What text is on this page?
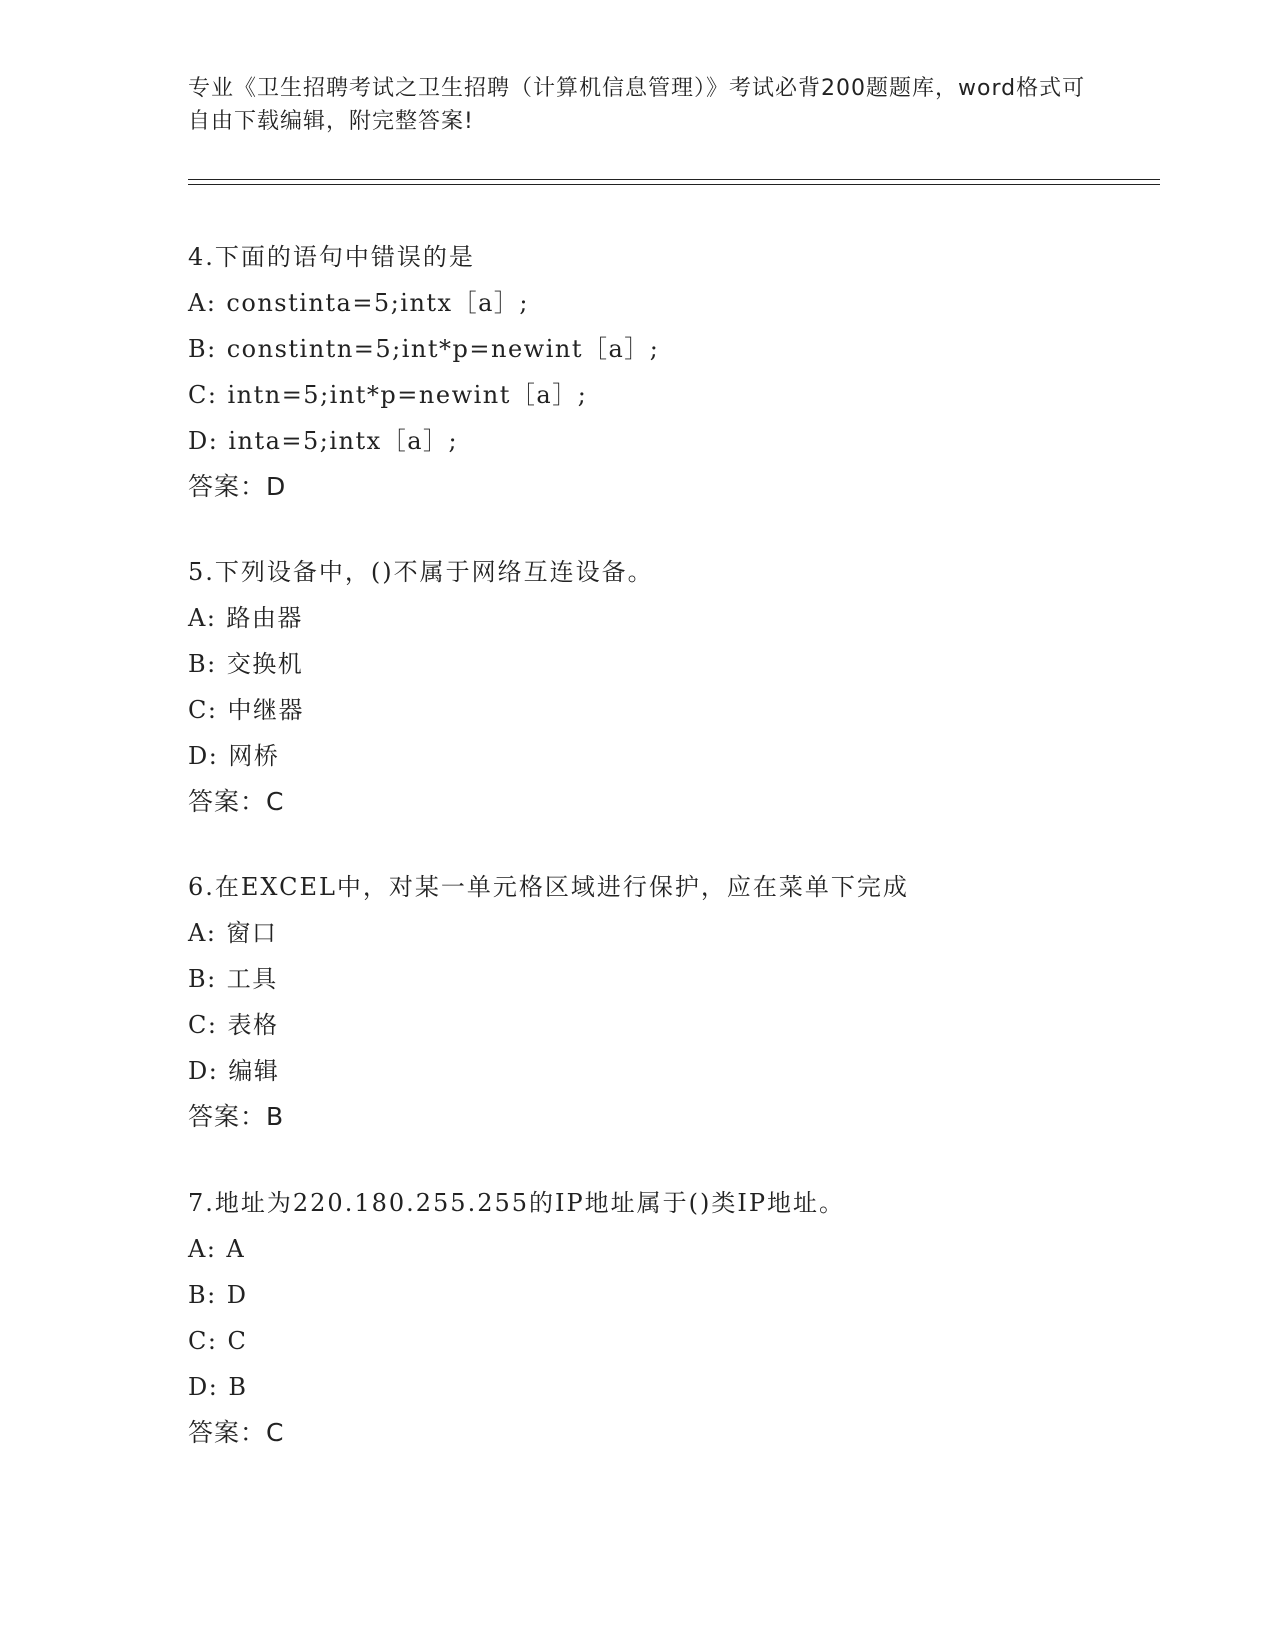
专业《卫生招聘考试之卫生招聘（计算机信息管理）》考试必背200题题库，word格式可自由下载编辑，附完整答案!
4.下面的语句中错误的是
A: constinta=5;intx［a］;
B: constintn=5;int*p=newint［a］;
C: intn=5;int*p=newint［a］;
D: inta=5;intx［a］;
答案：D
5.下列设备中，()不属于网络互连设备。
A: 路由器
B: 交换机
C: 中继器
D: 网桥
答案：C
6.在EXCEL中，对某一单元格区域进行保护，应在菜单下完成
A: 窗口
B: 工具
C: 表格
D: 编辑
答案：B
7.地址为220.180.255.255的IP地址属于()类IP地址。
A: A
B: D
C: C
D: B
答案：C
